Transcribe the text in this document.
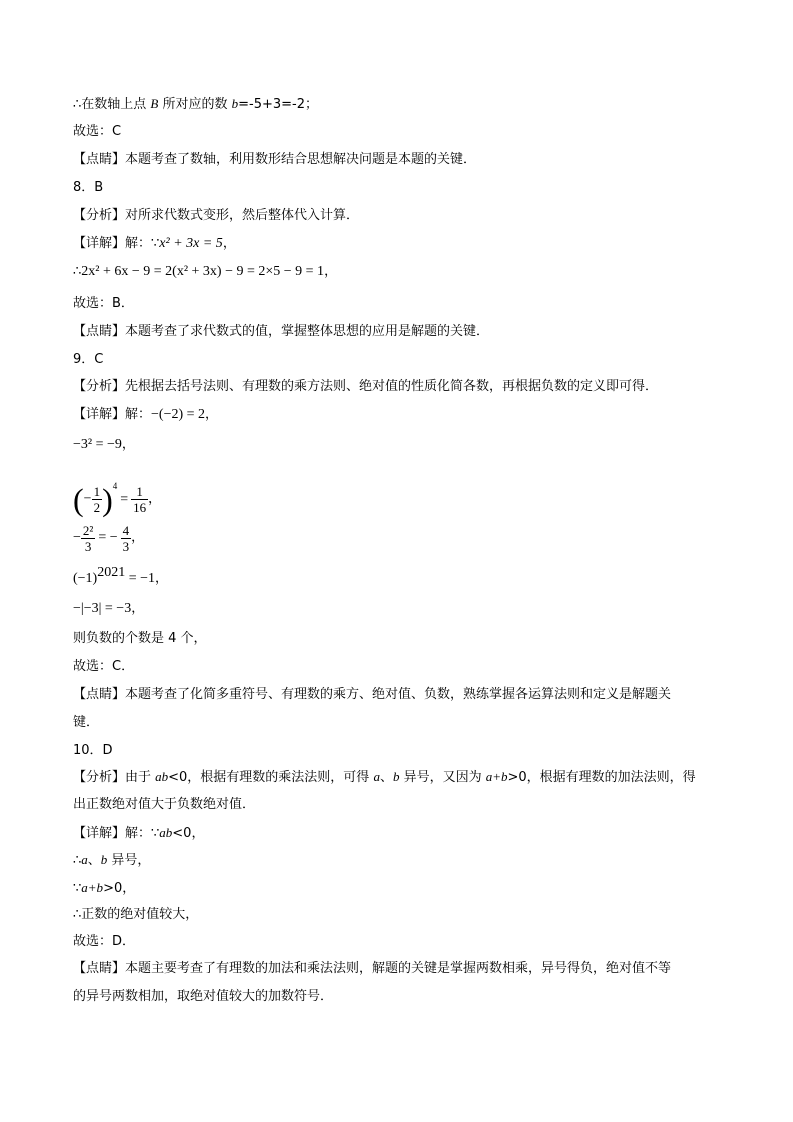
∴在数轴上点 B 所对应的数 b=-5+3=-2；
故选：C
【点睛】本题考查了数轴，利用数形结合思想解决问题是本题的关键．
8．B
【分析】对所求代数式变形，然后整体代入计算．
【详解】解：∵x² + 3x = 5，
∴2x² + 6x − 9 = 2(x² + 3x) − 9 = 2×5 − 9 = 1，
故选：B．
【点睛】本题考查了求代数式的值，掌握整体思想的应用是解题的关键．
9．C
【分析】先根据去括号法则、有理数的乘方法则、绝对值的性质化简各数，再根据负数的定义即可得．
【详解】解：−(−2) = 2，
−3² = −9，
(− $\frac{1}{2} )^4= \frac{1}{16}$ ，
− $\frac{\text{2²}}{3}$ = − $\frac{4}{3}$ ，
$(-1)^{2021} = -1$，
−|−3| = −3，
则负数的个数是 4 个，
故选：C．
【点睛】本题考查了化简多重符号、有理数的乘方、绝对值、负数，熟练掌握各运算法则和定义是解题关
键．
10．D
【分析】由于 ab<0，根据有理数的乘法法则，可得 a、b 异号，又因为 a+b>0，根据有理数的加法法则，得
出正数绝对值大于负数绝对值．
【详解】解：∵ab<0，
∴a、b 异号，
∵a+b>0，
∴正数的绝对值较大，
故选：D．
【点睛】本题主要考查了有理数的加法和乘法法则，解题的关键是掌握两数相乘，异号得负，绝对值不等
的异号两数相加，取绝对值较大的加数符号．
